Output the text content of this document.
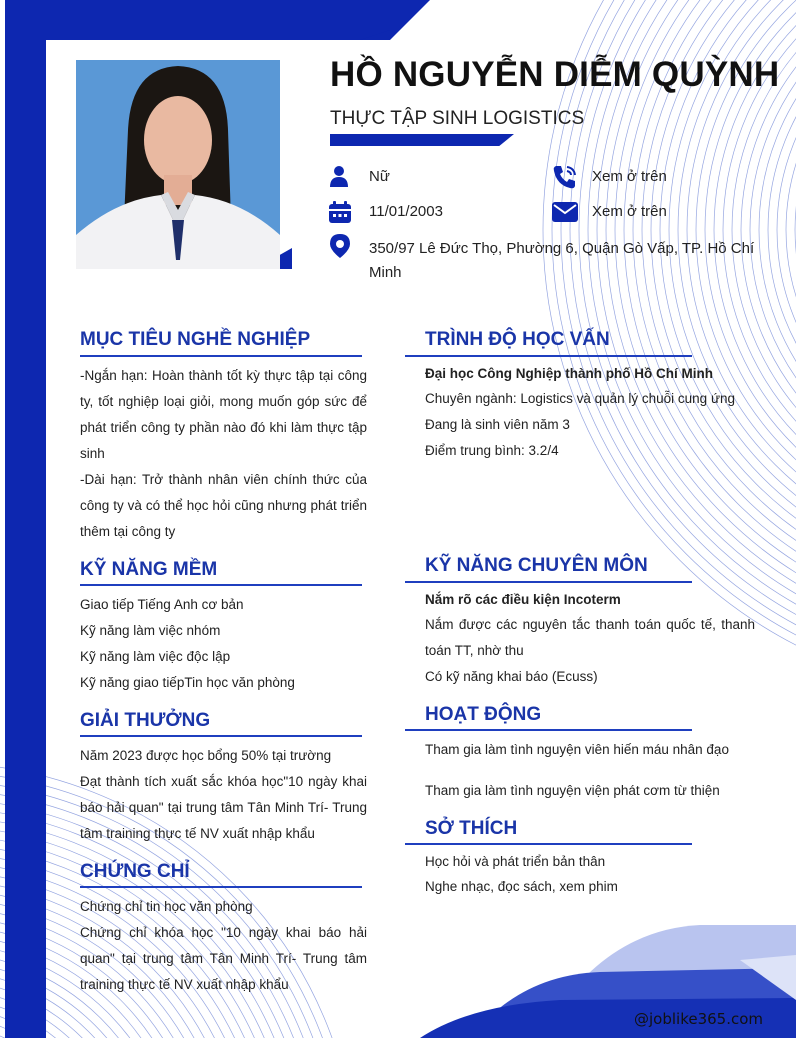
HỒ NGUYỄN DIỄM QUỲNH
THỰC TẬP SINH LOGISTICS
Nữ
11/01/2003
350/97 Lê Đức Thọ, Phường 6, Quận Gò Vấp, TP. Hồ Chí Minh
Xem ở trên
Xem ở trên
MỤC TIÊU NGHỀ NGHIỆP
-Ngắn hạn: Hoàn thành tốt kỳ thực tập tại công ty, tốt nghiệp loại giỏi, mong muốn góp sức để phát triển công ty phần nào đó khi làm thực tập sinh
-Dài hạn: Trở thành nhân viên chính thức của công ty và có thể học hỏi cũng nhưng phát triển thêm tại công ty
KỸ NĂNG MỀM
Giao tiếp Tiếng Anh cơ bản
Kỹ năng làm việc nhóm
Kỹ năng làm việc độc lập
Kỹ năng giao tiếpTin học văn phòng
GIẢI THƯỞNG
Năm 2023 được học bổng 50% tại trường
Đạt thành tích xuất sắc khóa học"10 ngày khai báo hải quan" tại trung tâm Tân Minh Trí- Trung tâm training thực tế NV xuất nhập khẩu
CHỨNG CHỈ
Chứng chỉ tin học văn phòng
Chứng chỉ khóa học "10 ngày khai báo hải quan" tại trung tâm Tân Minh Trí- Trung tâm training thực tế NV xuất nhập khẩu
TRÌNH ĐỘ HỌC VẤN
Đại học Công Nghiệp thành phố Hồ Chí Minh
Chuyên ngành: Logistics và quản lý chuỗi cung ứng
Đang là sinh viên năm 3
Điểm trung bình: 3.2/4
KỸ NĂNG CHUYÊN MÔN
Nắm rõ các điều kiện Incoterm
Nắm được các nguyên tắc thanh toán quốc tế, thanh toán TT, nhờ thu
Có kỹ năng khai báo (Ecuss)
HOẠT ĐỘNG
Tham gia làm tình nguyện viên hiến máu nhân đạo
Tham gia làm tình nguyện viện phát cơm từ thiện
SỞ THÍCH
Học hỏi và phát triển bản thân
Nghe nhạc, đọc sách, xem phim
@joblike365.com
